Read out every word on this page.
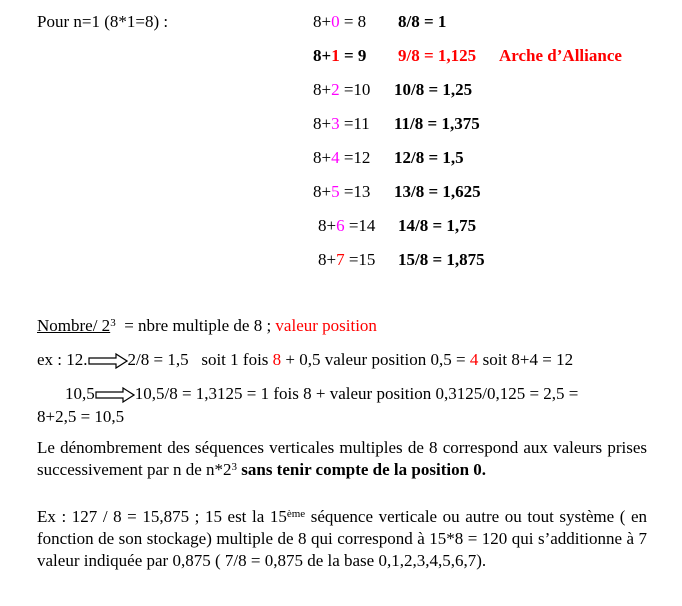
Pour n=1 (8*1=8) :	8+0 = 8 8/8 = 1
8+1 = 9 9/8 = 1,125 Arche d’Alliance
8+2 =10 10/8 = 1,25
8+3 =11 11/8 = 1,375
8+4 =12 12/8 = 1,5
8+5 =13 13/8 = 1,625
8+6 =14 14/8 = 1,75
8+7 =15 15/8 = 1,875
Nombre/ $2^3$  = nbre multiple de 8 ; valeur position
ex : 12. 2/8 = 1,5   soit 1 fois 8 + 0,5 valeur position 0,5 = 4 soit 8+4 = 12
10,5 10,5/8 = 1,3125 = 1 fois 8 + valeur position 0,3125/0,125 = 2,5 =
8+2,5 = 10,5
Le dénombrement des séquences verticales multiples de 8 correspond aux valeurs prises successivement par n de $n*2^3$ sans tenir compte de la position 0.
Ex : 127 / 8 = 15,875 ; 15 est la 15ème séquence verticale ou autre ou tout système ( en fonction de son stockage) multiple de 8 qui correspond à 15*8 = 120 qui s’additionne à 7 valeur indiquée par 0,875 ( 7/8 = 0,875 de la base 0,1,2,3,4,5,6,7).
